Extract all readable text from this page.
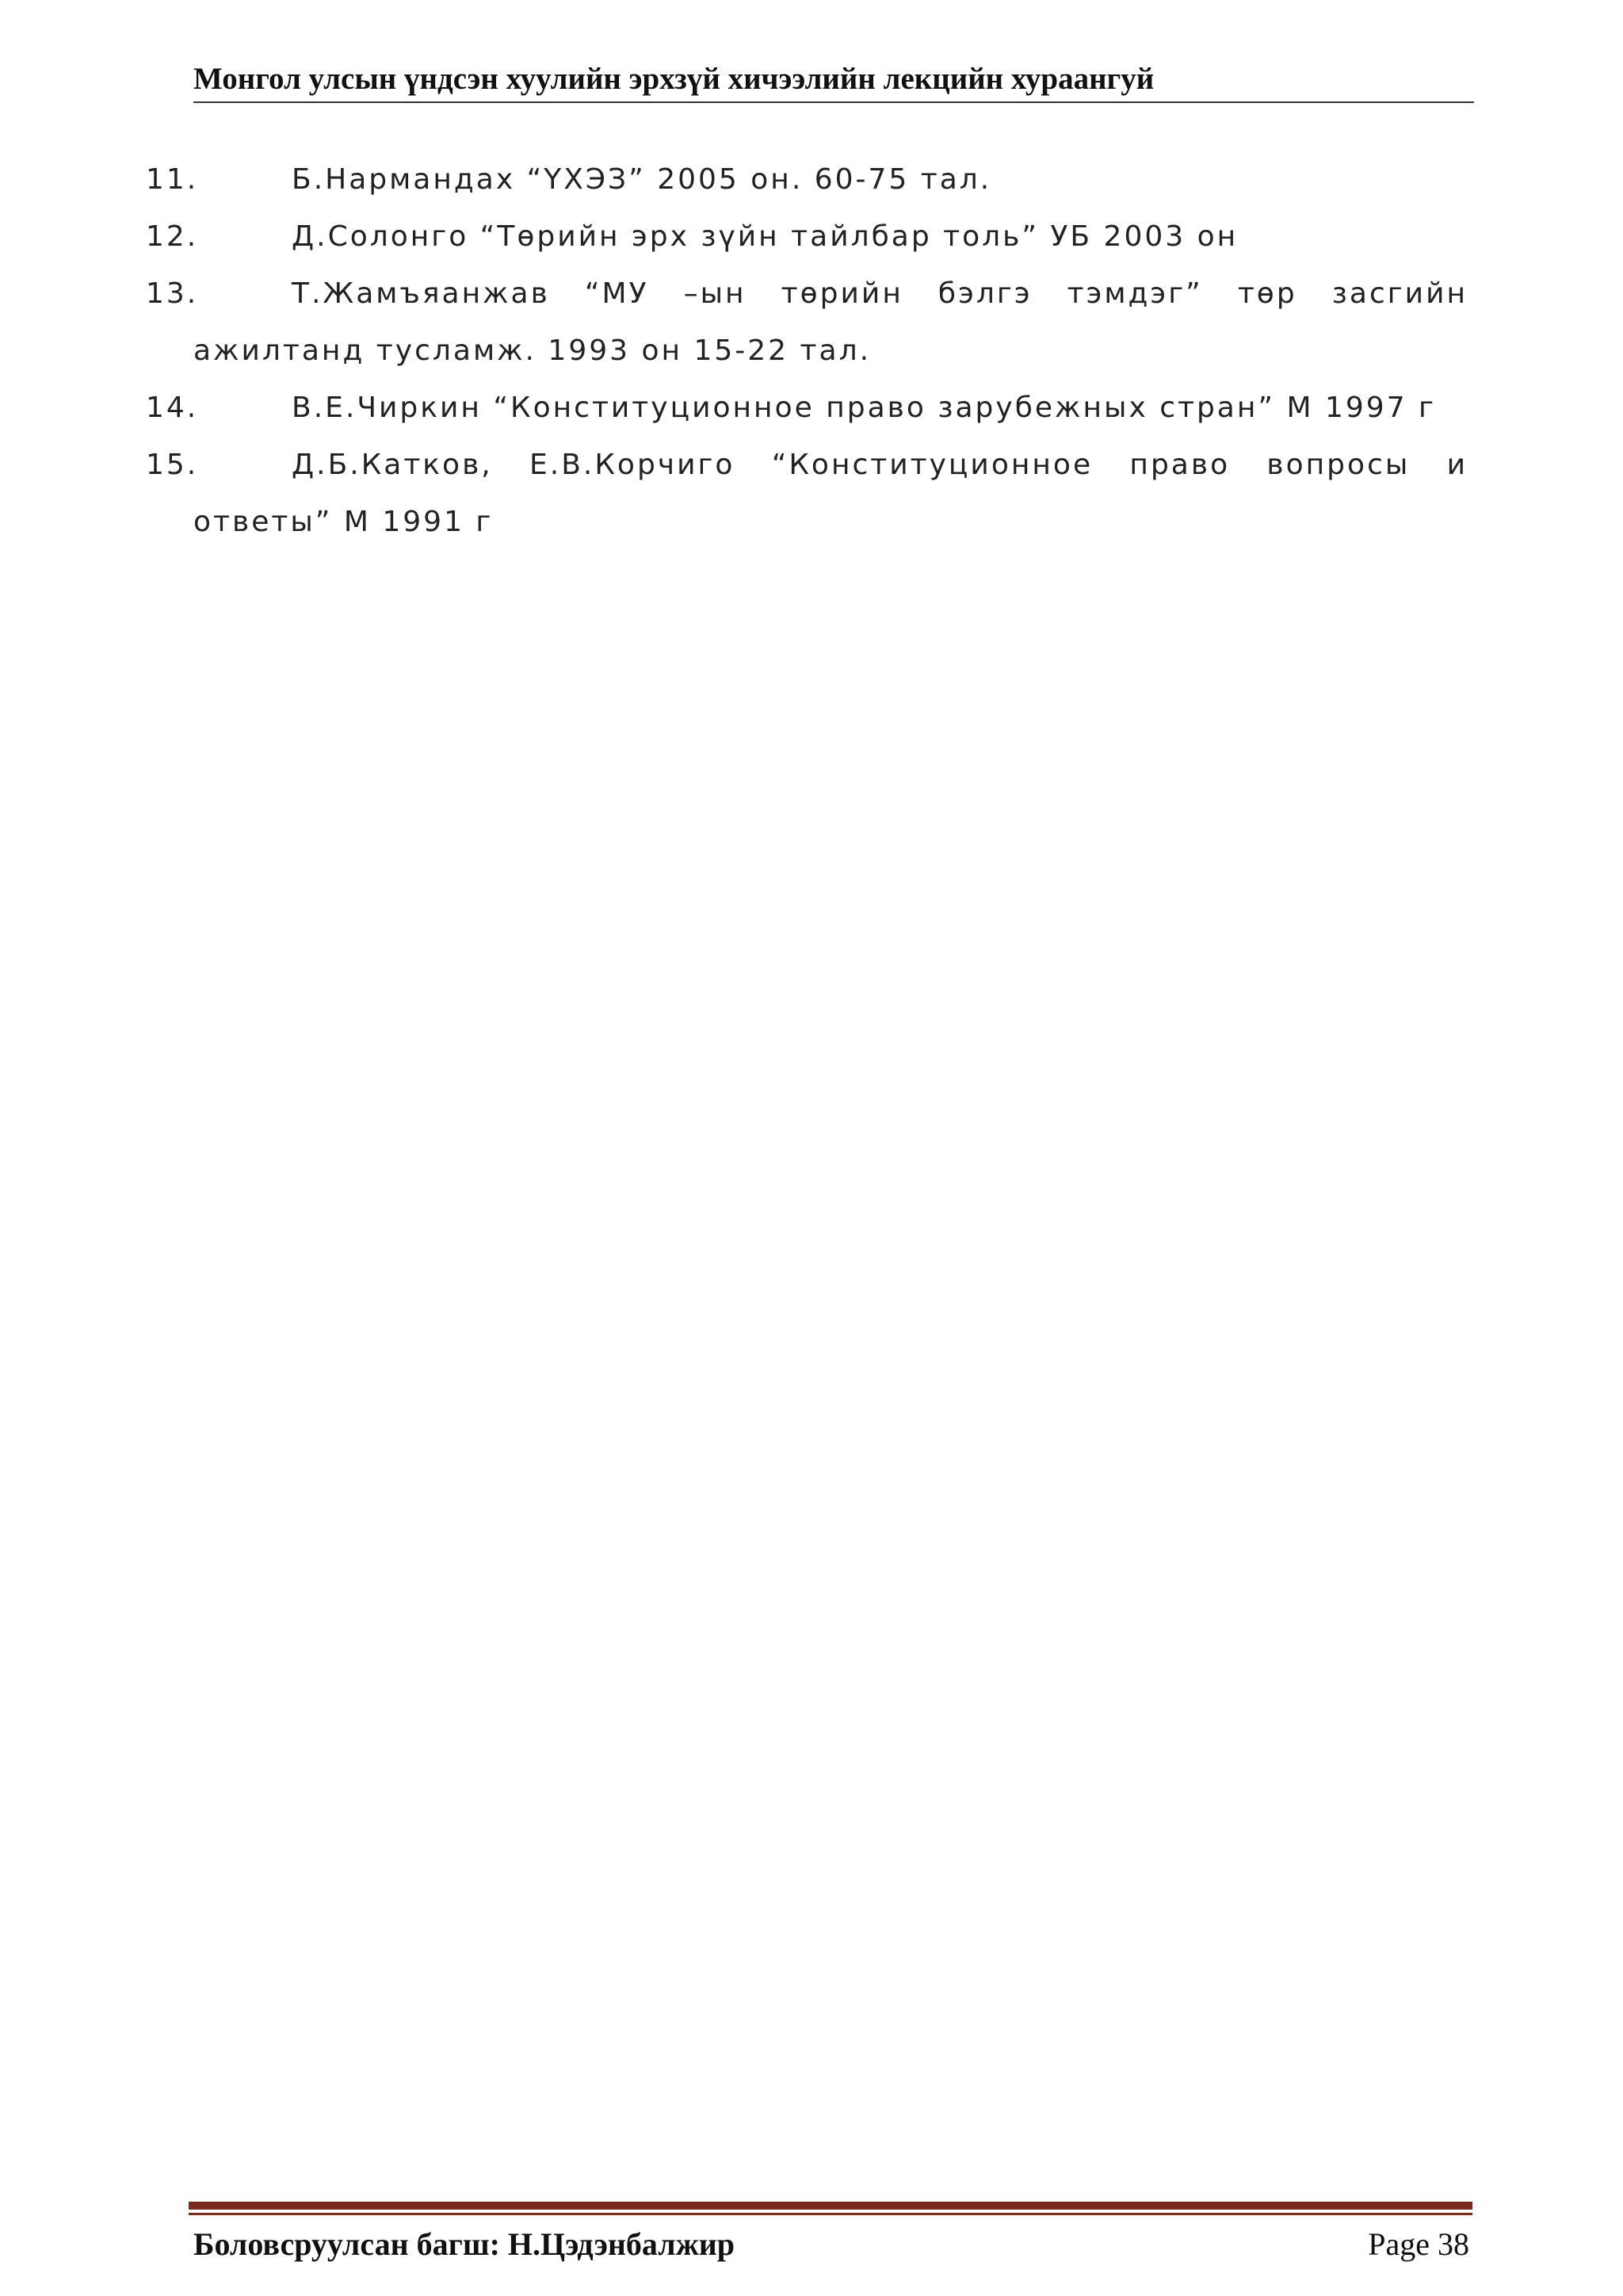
Монгол улсын үндсэн хуулийн эрхзүй хичээлийн лекцийн хураангуй
11.	Б.Нармандах “ҮХЭЗ” 2005 он. 60-75 тал.
12.	Д.Солонго “Төрийн эрх зүйн тайлбар толь” УБ 2003 он
13.	Т.Жамъяанжав “МУ –ын төрийн бэлгэ тэмдэг” төр засгийн ажилтанд тусламж. 1993 он 15-22 тал.
14.	В.Е.Чиркин “Конституционное право зарубежных стран” М 1997 г
15.	Д.Б.Катков, Е.В.Корчиго “Конституционное право вопросы и ответы” М 1991 г
Боловсруулсан багш: Н.Цэдэнбалжир	Page 38
